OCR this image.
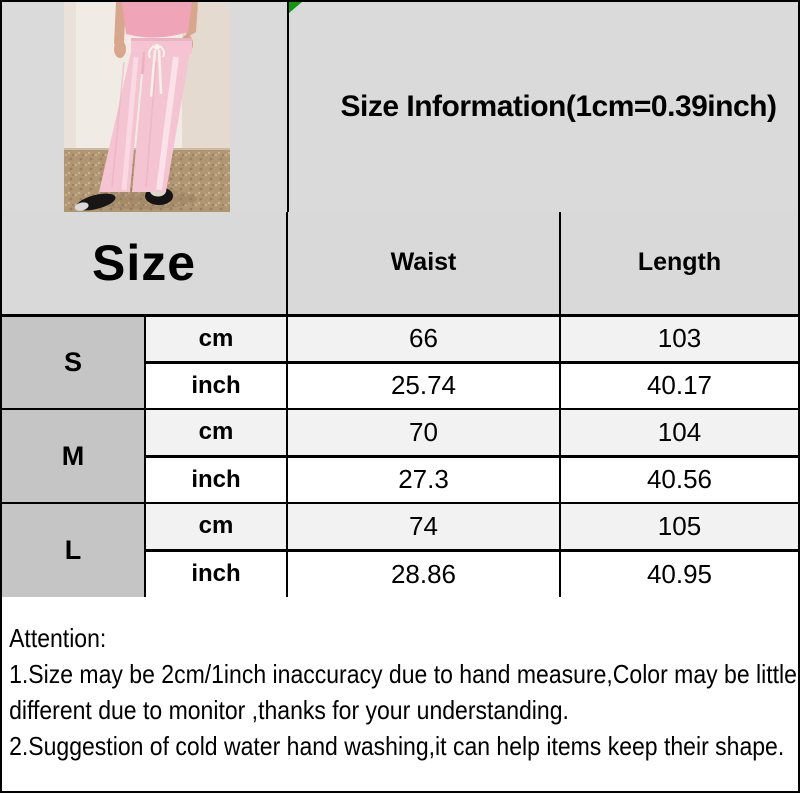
Size Information(1cm=0.39inch)
Size		Waist	Length
S	cm	66	103
	inch	25.74	40.17
M	cm	70	104
	inch	27.3	40.56
L	cm	74	105
	inch	28.86	40.95
Attention:
1.Size may be 2cm/1inch inaccuracy due to hand measure,Color may be little
different due to monitor ,thanks for your understanding.
2.Suggestion of cold water hand washing,it can help items keep their shape.
